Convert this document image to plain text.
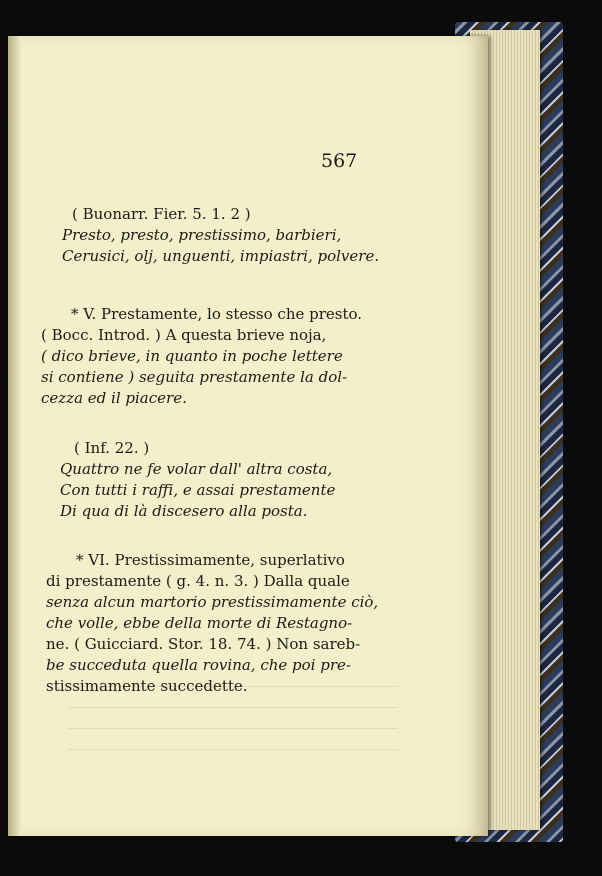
567
( Buonarr. Fier. 5. 1. 2 )
Presto, presto, prestissimo, barbieri,
Cerusici, olj, unguenti, impiastri, polvere.
* V. Prestamente, lo stesso che presto.
( Bocc. Introd. ) A questa brieve noja,
( dico brieve, in quanto in poche lettere
si contiene ) seguita prestamente la dol-
cezza ed il piacere.
( Inf. 22. )
Quattro ne fe volar dall' altra costa,
Con tutti i raffi, e assai prestamente
Di qua di là discesero alla posta.
* VI. Prestissimamente, superlativo
di prestamente ( g. 4. n. 3. ) Dalla quale
senza alcun martorio prestissimamente ciò,
che volle, ebbe della morte di Restagno-
ne. ( Guicciard. Stor. 18. 74. ) Non sareb-
be succeduta quella rovina, che poi pre-
stissimamente succedette.
